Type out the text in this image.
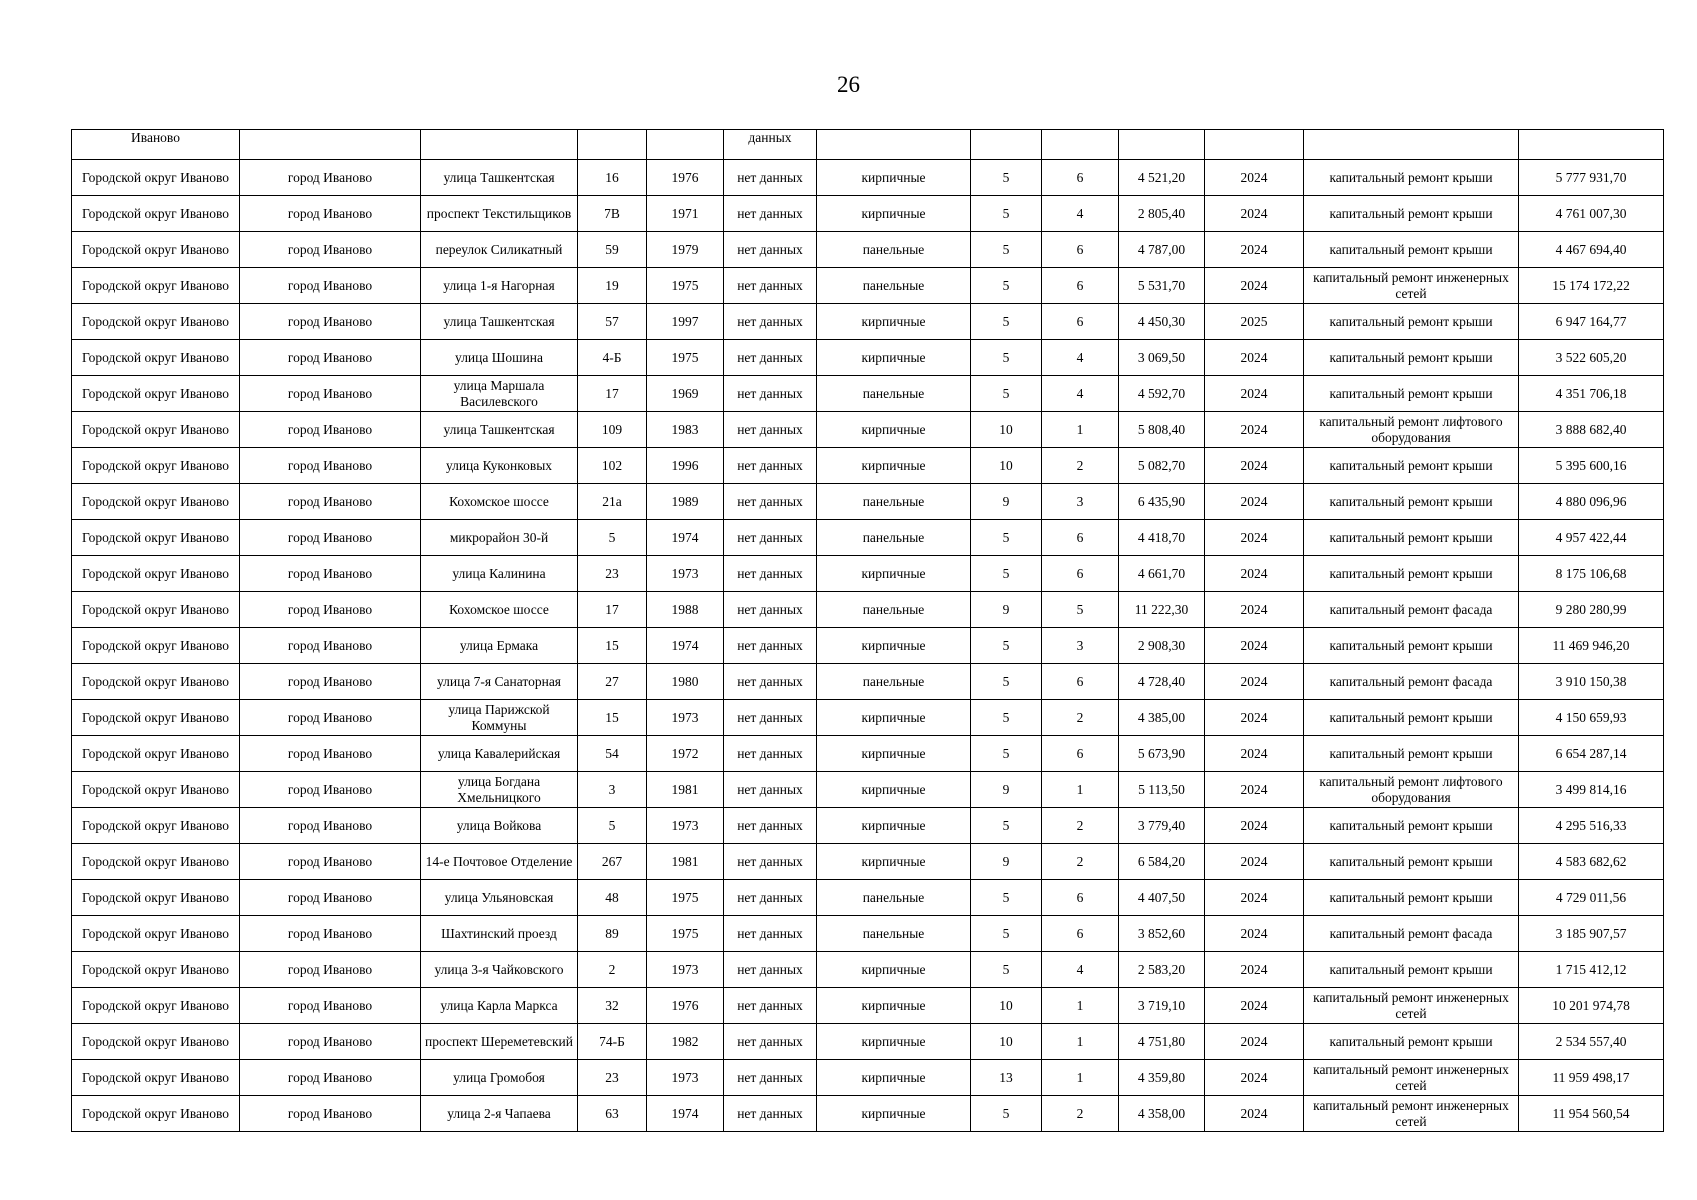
26
Иваново					данных							
Городской округ Иваново	город Иваново	улица Ташкентская	16	1976	нет данных	кирпичные	5	6	4 521,20	2024	капитальный ремонт крыши	5 777 931,70
Городской округ Иваново	город Иваново	проспект Текстильщиков	7В	1971	нет данных	кирпичные	5	4	2 805,40	2024	капитальный ремонт крыши	4 761 007,30
Городской округ Иваново	город Иваново	переулок Силикатный	59	1979	нет данных	панельные	5	6	4 787,00	2024	капитальный ремонт крыши	4 467 694,40
Городской округ Иваново	город Иваново	улица 1-я Нагорная	19	1975	нет данных	панельные	5	6	5 531,70	2024	капитальный ремонт инженерных сетей	15 174 172,22
Городской округ Иваново	город Иваново	улица Ташкентская	57	1997	нет данных	кирпичные	5	6	4 450,30	2025	капитальный ремонт крыши	6 947 164,77
Городской округ Иваново	город Иваново	улица Шошина	4-Б	1975	нет данных	кирпичные	5	4	3 069,50	2024	капитальный ремонт крыши	3 522 605,20
Городской округ Иваново	город Иваново	улица Маршала Василевского	17	1969	нет данных	панельные	5	4	4 592,70	2024	капитальный ремонт крыши	4 351 706,18
Городской округ Иваново	город Иваново	улица Ташкентская	109	1983	нет данных	кирпичные	10	1	5 808,40	2024	капитальный ремонт лифтового оборудования	3 888 682,40
Городской округ Иваново	город Иваново	улица Куконковых	102	1996	нет данных	кирпичные	10	2	5 082,70	2024	капитальный ремонт крыши	5 395 600,16
Городской округ Иваново	город Иваново	Кохомское шоссе	21а	1989	нет данных	панельные	9	3	6 435,90	2024	капитальный ремонт крыши	4 880 096,96
Городской округ Иваново	город Иваново	микрорайон 30-й	5	1974	нет данных	панельные	5	6	4 418,70	2024	капитальный ремонт крыши	4 957 422,44
Городской округ Иваново	город Иваново	улица Калинина	23	1973	нет данных	кирпичные	5	6	4 661,70	2024	капитальный ремонт крыши	8 175 106,68
Городской округ Иваново	город Иваново	Кохомское шоссе	17	1988	нет данных	панельные	9	5	11 222,30	2024	капитальный ремонт фасада	9 280 280,99
Городской округ Иваново	город Иваново	улица Ермака	15	1974	нет данных	кирпичные	5	3	2 908,30	2024	капитальный ремонт крыши	11 469 946,20
Городской округ Иваново	город Иваново	улица 7-я Санаторная	27	1980	нет данных	панельные	5	6	4 728,40	2024	капитальный ремонт фасада	3 910 150,38
Городской округ Иваново	город Иваново	улица Парижской Коммуны	15	1973	нет данных	кирпичные	5	2	4 385,00	2024	капитальный ремонт крыши	4 150 659,93
Городской округ Иваново	город Иваново	улица Кавалерийская	54	1972	нет данных	кирпичные	5	6	5 673,90	2024	капитальный ремонт крыши	6 654 287,14
Городской округ Иваново	город Иваново	улица Богдана Хмельницкого	3	1981	нет данных	кирпичные	9	1	5 113,50	2024	капитальный ремонт лифтового оборудования	3 499 814,16
Городской округ Иваново	город Иваново	улица Войкова	5	1973	нет данных	кирпичные	5	2	3 779,40	2024	капитальный ремонт крыши	4 295 516,33
Городской округ Иваново	город Иваново	14-е Почтовое Отделение	267	1981	нет данных	кирпичные	9	2	6 584,20	2024	капитальный ремонт крыши	4 583 682,62
Городской округ Иваново	город Иваново	улица Ульяновская	48	1975	нет данных	панельные	5	6	4 407,50	2024	капитальный ремонт крыши	4 729 011,56
Городской округ Иваново	город Иваново	Шахтинский проезд	89	1975	нет данных	панельные	5	6	3 852,60	2024	капитальный ремонт фасада	3 185 907,57
Городской округ Иваново	город Иваново	улица 3-я Чайковского	2	1973	нет данных	кирпичные	5	4	2 583,20	2024	капитальный ремонт крыши	1 715 412,12
Городской округ Иваново	город Иваново	улица Карла Маркса	32	1976	нет данных	кирпичные	10	1	3 719,10	2024	капитальный ремонт инженерных сетей	10 201 974,78
Городской округ Иваново	город Иваново	проспект Шереметевский	74-Б	1982	нет данных	кирпичные	10	1	4 751,80	2024	капитальный ремонт крыши	2 534 557,40
Городской округ Иваново	город Иваново	улица Громобоя	23	1973	нет данных	кирпичные	13	1	4 359,80	2024	капитальный ремонт инженерных сетей	11 959 498,17
Городской округ Иваново	город Иваново	улица 2-я Чапаева	63	1974	нет данных	кирпичные	5	2	4 358,00	2024	капитальный ремонт инженерных сетей	11 954 560,54
